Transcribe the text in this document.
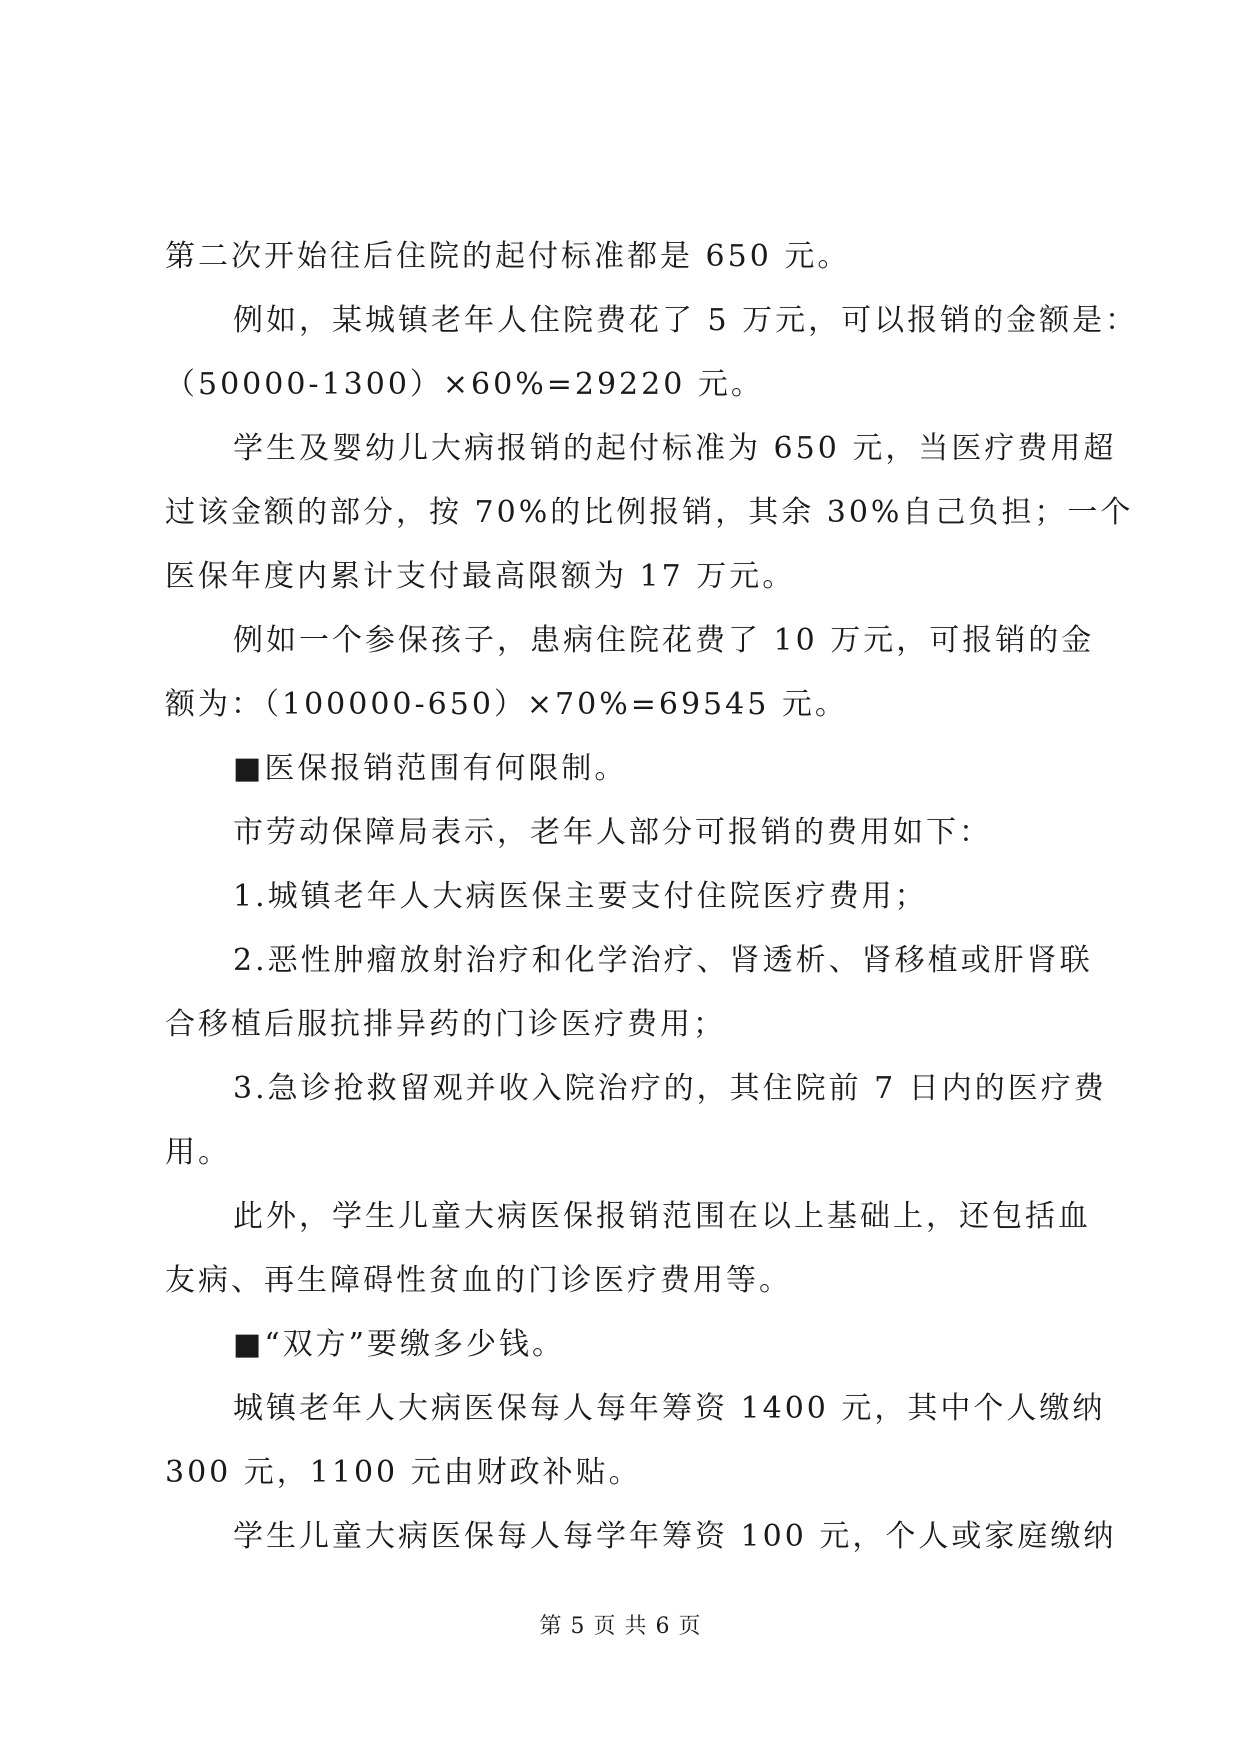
第二次开始往后住院的起付标准都是 650 元。
例如，某城镇老年人住院费花了 5 万元，可以报销的金额是：
（50000-1300）×60%=29220 元。
学生及婴幼儿大病报销的起付标准为 650 元，当医疗费用超
过该金额的部分，按 70%的比例报销，其余 30%自己负担；一个
医保年度内累计支付最高限额为 17 万元。
例如一个参保孩子，患病住院花费了 10 万元，可报销的金
额为：（100000-650）×70%=69545 元。
■医保报销范围有何限制。
市劳动保障局表示，老年人部分可报销的费用如下：
1.城镇老年人大病医保主要支付住院医疗费用；
2.恶性肿瘤放射治疗和化学治疗、肾透析、肾移植或肝肾联
合移植后服抗排异药的门诊医疗费用；
3.急诊抢救留观并收入院治疗的，其住院前 7 日内的医疗费
用。
此外，学生儿童大病医保报销范围在以上基础上，还包括血
友病、再生障碍性贫血的门诊医疗费用等。
■“双方”要缴多少钱。
城镇老年人大病医保每人每年筹资 1400 元，其中个人缴纳
300 元，1100 元由财政补贴。
学生儿童大病医保每人每学年筹资 100 元，个人或家庭缴纳
第 5 页 共 6 页
